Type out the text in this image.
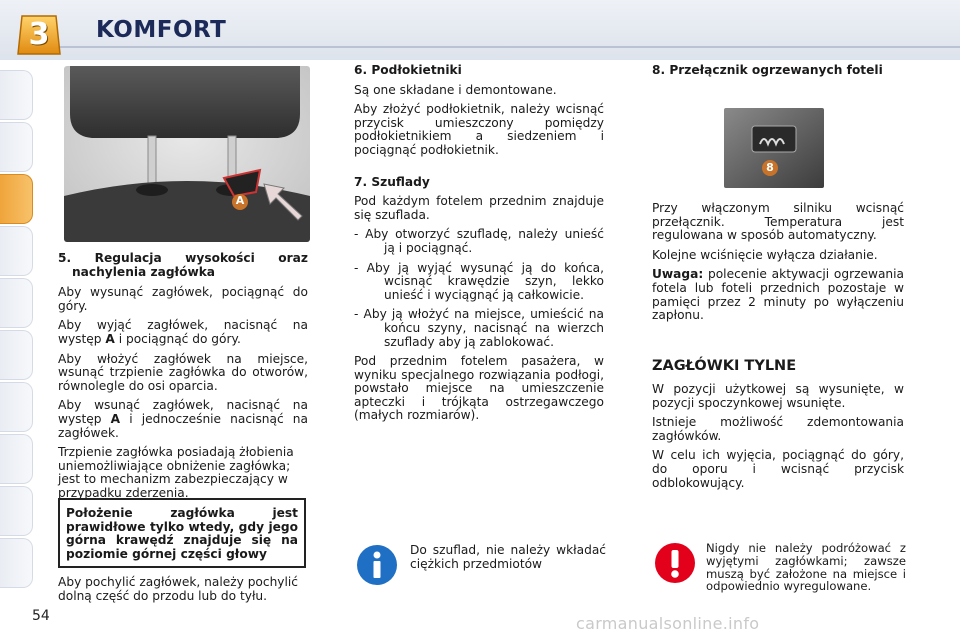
3	KOMFORT
A

5. Regulacja wysokości oraz nachylenia zagłówka

Aby wysunąć zagłówek, pociągnąć do góry.

Aby wyjąć zagłówek, nacisnąć na występ A i pociągnąć do góry.

Aby włożyć zagłówek na miejsce, wsunąć trzpienie zagłówka do otworów, równolegle do osi oparcia.

Aby wsunąć zagłówek, nacisnąć na występ A i jednocześnie nacisnąć na zagłówek.

Trzpienie zagłówka posiadają żłobienia uniemożliwiające obniżenie zagłówka; jest to mechanizm zabezpieczający w przypadku zderzenia.

Położenie zagłówka jest prawidłowe tylko wtedy, gdy jego górna krawędź znajduje się na poziomie górnej części głowy
Aby pochylić zagłówek, należy pochylić dolną część do przodu lub do tyłu.

6. Podłokietniki

Są one składane i demontowane.

Aby złożyć podłokietnik, należy wcisnąć przycisk umieszczony pomiędzy podłokietnikiem a siedzeniem i pociągnąć podłokietnik.

7. Szuflady

Pod każdym fotelem przednim znajduje się szuflada.

- Aby otworzyć szufladę, należy unieść ją i pociągnąć.

- Aby ją wyjąć wysunąć ją do końca, wcisnąć krawędzie szyn, lekko unieść i wyciągnąć ją całkowicie.

- Aby ją włożyć na miejsce, umieścić na końcu szyny, nacisnąć na wierzch szuflady aby ją zablokować.

Pod przednim fotelem pasażera, w wyniku specjalnego rozwiązania podłogi, powstało miejsce na umieszczenie apteczki i trójkąta ostrzegawczego (małych rozmiarów).

Do szuflad, nie należy wkładać ciężkich przedmiotów
8. Przełącznik ogrzewanych foteli
8

Przy włączonym silniku wcisnąć przełącznik. Temperatura jest regulowana w sposób automatyczny.

Kolejne wciśnięcie wyłącza działanie.

Uwaga: polecenie aktywacji ogrzewania fotela lub foteli przednich pozostaje w pamięci przez 2 minuty po wyłączeniu zapłonu.

ZAGŁÓWKI TYLNE

W pozycji użytkowej są wysunięte, w pozycji spoczynkowej wsunięte.

Istnieje możliwość zdemontowania zagłówków.

W celu ich wyjęcia, pociągnąć do góry, do oporu i wcisnąć przycisk odblokowujący.

Nigdy nie należy podróżować z wyjętymi zagłówkami; zawsze muszą być założone na miejsce i odpowiednio wyregulowane.
54	carmanualsonline.info
